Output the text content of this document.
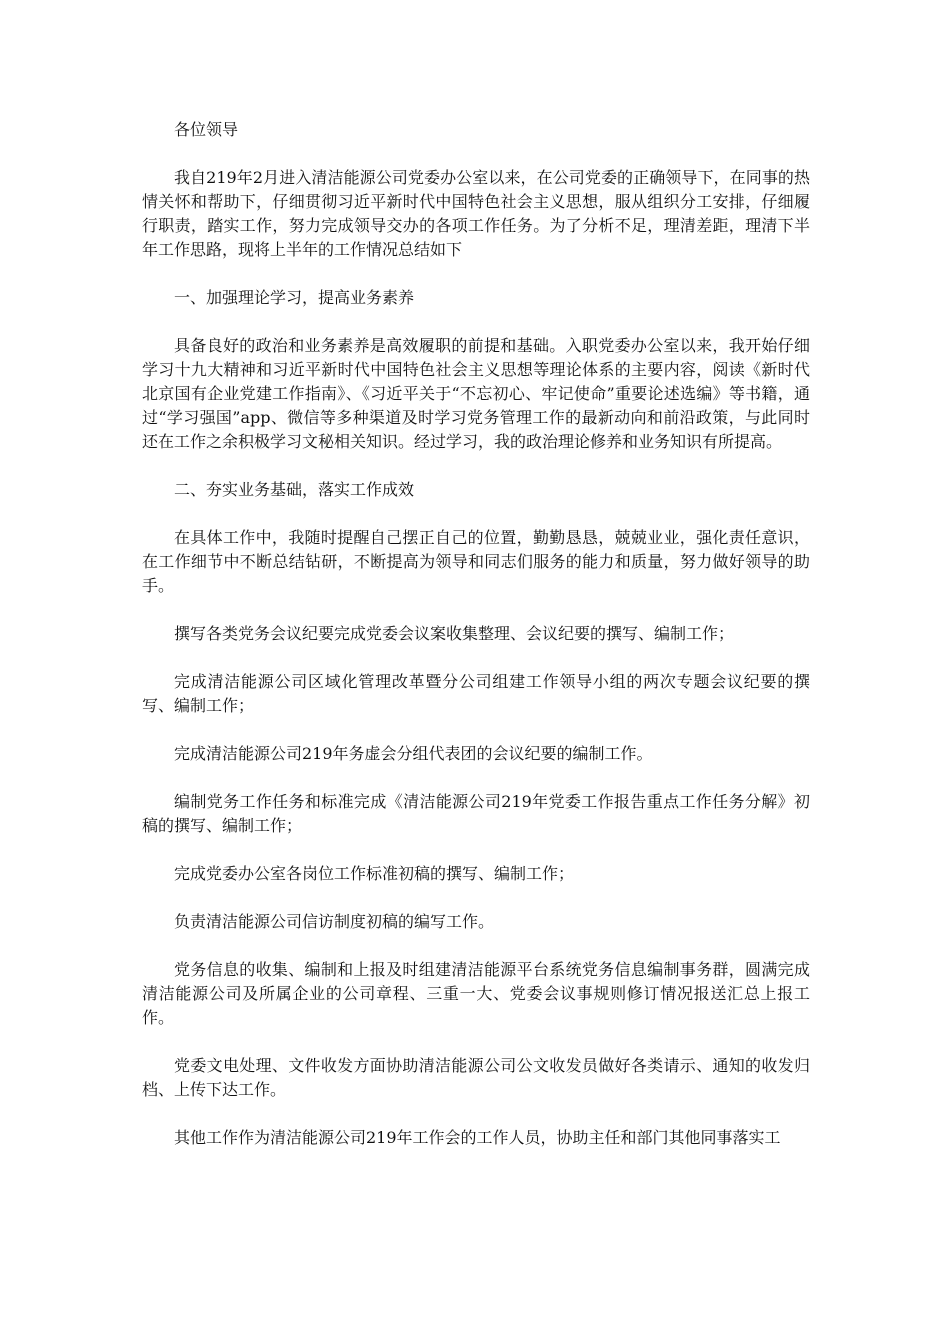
各位领导

我自219年2月进入清洁能源公司党委办公室以来，在公司党委的正确领导下，在同事的热情关怀和帮助下，仔细贯彻习近平新时代中国特色社会主义思想，服从组织分工安排，仔细履行职责，踏实工作，努力完成领导交办的各项工作任务。为了分析不足，理清差距，理清下半年工作思路，现将上半年的工作情况总结如下

一、加强理论学习，提高业务素养

具备良好的政治和业务素养是高效履职的前提和基础。入职党委办公室以来，我开始仔细学习十九大精神和习近平新时代中国特色社会主义思想等理论体系的主要内容，阅读《新时代北京国有企业党建工作指南》、《习近平关于“不忘初心、牢记使命”重要论述选编》等书籍，通过“学习强国”app、微信等多种渠道及时学习党务管理工作的最新动向和前沿政策，与此同时还在工作之余积极学习文秘相关知识。经过学习，我的政治理论修养和业务知识有所提高。

二、夯实业务基础，落实工作成效

在具体工作中，我随时提醒自己摆正自己的位置，勤勤恳恳，兢兢业业，强化责任意识，在工作细节中不断总结钻研，不断提高为领导和同志们服务的能力和质量，努力做好领导的助手。

撰写各类党务会议纪要完成党委会议案收集整理、会议纪要的撰写、编制工作；

完成清洁能源公司区域化管理改革暨分公司组建工作领导小组的两次专题会议纪要的撰写、编制工作；

完成清洁能源公司219年务虚会分组代表团的会议纪要的编制工作。

编制党务工作任务和标准完成《清洁能源公司219年党委工作报告重点工作任务分解》初稿的撰写、编制工作；

完成党委办公室各岗位工作标准初稿的撰写、编制工作；

负责清洁能源公司信访制度初稿的编写工作。

党务信息的收集、编制和上报及时组建清洁能源平台系统党务信息编制事务群，圆满完成清洁能源公司及所属企业的公司章程、三重一大、党委会议事规则修订情况报送汇总上报工作。

党委文电处理、文件收发方面协助清洁能源公司公文收发员做好各类请示、通知的收发归档、上传下达工作。

其他工作作为清洁能源公司219年工作会的工作人员，协助主任和部门其他同事落实工
